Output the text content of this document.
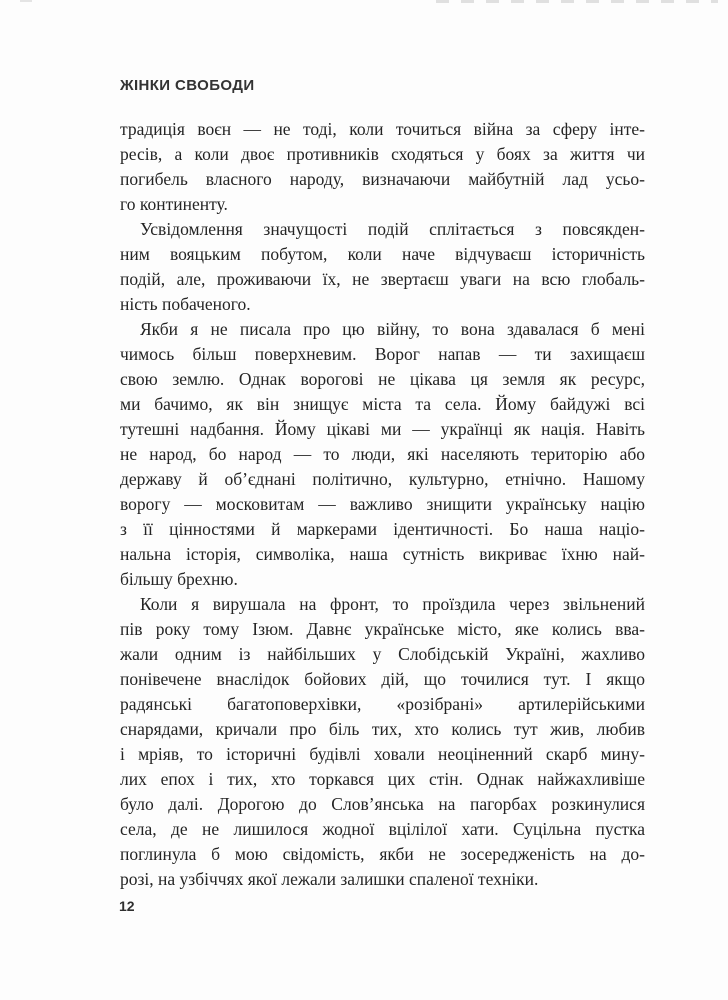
ЖІНКИ СВОБОДИ
традиція воєн — не тоді, коли точиться війна за сферу інте-
ресів, а коли двоє противників сходяться у боях за життя чи
погибель власного народу, визначаючи майбутній лад усьо-
го континенту.
Усвідомлення значущості подій сплітається з повсякден-
ним вояцьким побутом, коли наче відчуваєш історичність
подій, але, проживаючи їх, не звертаєш уваги на всю глобаль-
ність побаченого.
Якби я не писала про цю війну, то вона здавалася б мені
чимось більш поверхневим. Ворог напав — ти захищаєш
свою землю. Однак ворогові не цікава ця земля як ресурс,
ми бачимо, як він знищує міста та села. Йому байдужі всі
тутешні надбання. Йому цікаві ми — українці як нація. Навіть
не народ, бо народ — то люди, які населяють територію або
державу й об’єднані політично, культурно, етнічно. Нашому
ворогу — московитам — важливо знищити українську націю
з її цінностями й маркерами ідентичності. Бо наша націо-
нальна історія, символіка, наша сутність викриває їхню най-
більшу брехню.
Коли я вирушала на фронт, то проїздила через звільнений
пів року тому Ізюм. Давнє українське місто, яке колись вва-
жали одним із найбільших у Слобідській Україні, жахливо
понівечене внаслідок бойових дій, що точилися тут. І якщо
радянські багатоповерхівки, «розібрані» артилерійськими
снарядами, кричали про біль тих, хто колись тут жив, любив
і мріяв, то історичні будівлі ховали неоціненний скарб мину-
лих епох і тих, хто торкався цих стін. Однак найжахливіше
було далі. Дорогою до Слов’янська на пагорбах розкинулися
села, де не лишилося жодної вцілілої хати. Суцільна пустка
поглинула б мою свідомість, якби не зосередженість на до-
розі, на узбіччях якої лежали залишки спаленої техніки.
12
